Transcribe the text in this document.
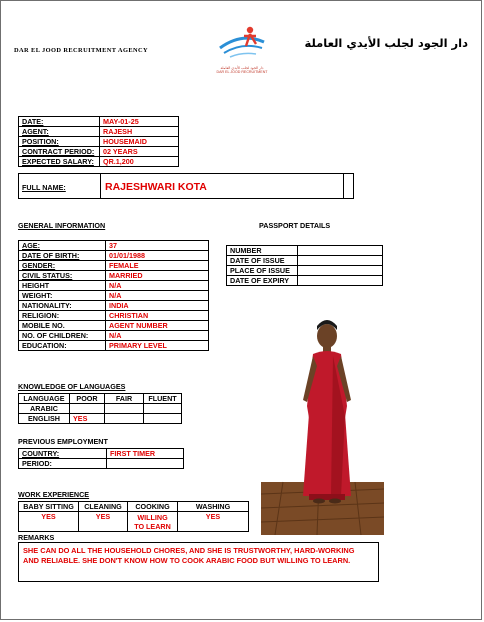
DAR EL JOOD RECRUITMENT AGENCY
دار الجود لجلب الأيدي العاملة
DAR EL JOOD RECRUITMENT
دار الجود لجلب الأيدي العاملة
DATE:	MAY-01-25
AGENT:	RAJESH
POSITION:	HOUSEMAID
CONTRACT PERIOD:	02 YEARS
EXPECTED SALARY:	QR.1,200
FULL NAME:	RAJESHWARI KOTA
GENERAL INFORMATION
AGE:	37
DATE OF BIRTH:	01/01/1988
GENDER:	FEMALE
CIVIL STATUS:	MARRIED
HEIGHT	N/A
WEIGHT:	N/A
NATIONALITY:	INDIA
RELIGION:	CHRISTIAN
MOBILE NO.	AGENT NUMBER
NO. OF CHILDREN:	N/A
EDUCATION:	PRIMARY LEVEL
PASSPORT DETAILS
NUMBER	
DATE OF ISSUE	
PLACE OF ISSUE	
DATE OF EXPIRY	
KNOWLEDGE OF LANGUAGES
LANGUAGE	POOR	FAIR	FLUENT
ARABIC			
ENGLISH	YES		
PREVIOUS EMPLOYMENT
COUNTRY:	FIRST TIMER
PERIOD:	
WORK EXPERIENCE
BABY SITTING	CLEANING	COOKING	WASHING
YES	YES	WILLING TO LEARN	YES
REMARKS
SHE CAN DO ALL THE HOUSEHOLD CHORES, AND SHE IS TRUSTWORTHY, HARD-WORKING AND RELIABLE. SHE DON'T KNOW HOW TO COOK ARABIC FOOD BUT WILLING TO LEARN.
